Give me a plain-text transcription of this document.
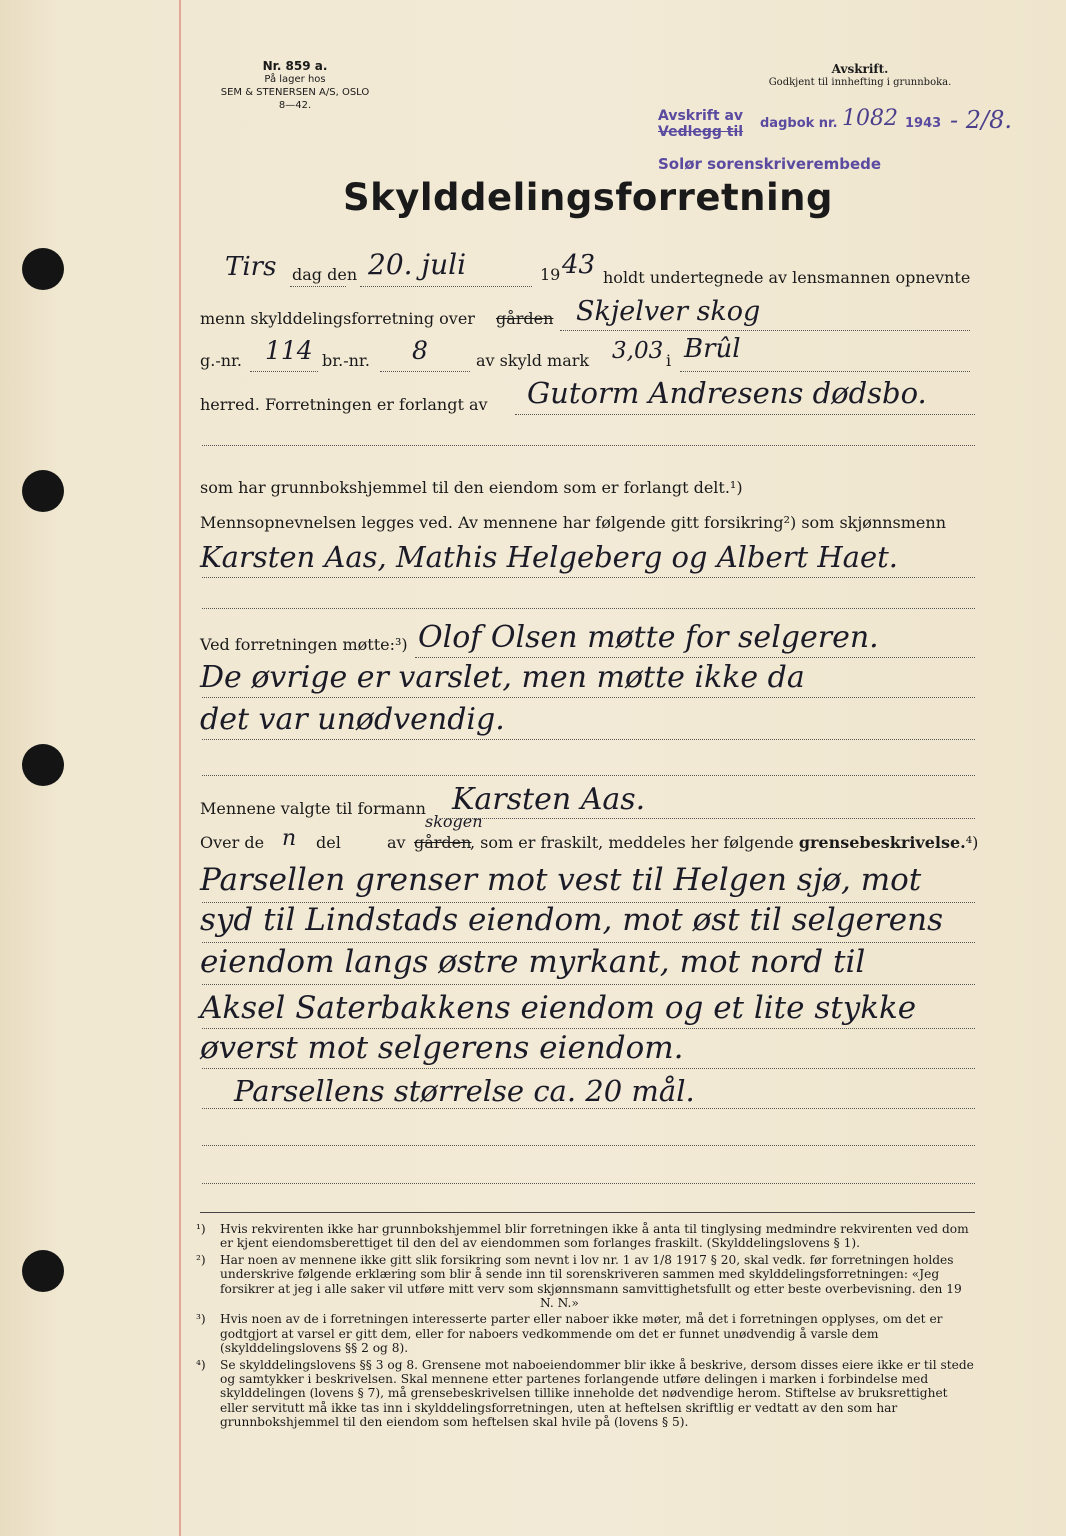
Nr. 859 a.
På lager hos
SEM & STENERSEN A/S, OSLO
8—42.
Avskrift.
Godkjent til innhefting i grunnboka.
Avskrift av
Vedlegg til
dagbok nr. 1082 1943 - 2/8.
Solør sorenskriverembede
Skylddelingsforretning
Tirs dag den 20. juli	19 43 holdt undertegnede av lensmannen opnevnte
menn skylddelingsforretning over gården Skjelver skog
g.-nr. 114 br.-nr. 8	av skyld mark 3,03 i Brûl
herred. Forretningen er forlangt av Gutorm Andresens dødsbo.
som har grunnbokshjemmel til den eiendom som er forlangt delt.¹)
Mennsopnevnelsen legges ved. Av mennene har følgende gitt forsikring²) som skjønnsmenn
Karsten Aas, Mathis Helgeberg og Albert Haet.
Ved forretningen møtte:³) Olof Olsen møtte for selgeren.
De øvrige er varslet, men møtte ikke da
det var unødvendig.
Mennene valgte til formann Karsten Aas.
Over de n del	av gården
skogen
, som er fraskilt, meddeles her følgende grensebeskrivelse.⁴)
Parsellen grenser mot vest til Helgen sjø, mot
syd til Lindstads eiendom, mot øst til selgerens
eiendom langs østre myrkant, mot nord til
Aksel Saterbakkens eiendom og et lite stykke
øverst mot selgerens eiendom.
Parsellens størrelse ca. 20 mål.
¹)	Hvis rekvirenten ikke har grunnbokshjemmel blir forretningen ikke å anta til tinglysing medmindre rekvirenten ved dom er kjent eiendomsberettiget til den del av eiendommen som forlanges fraskilt. (Skylddelingslovens § 1).
²)	Har noen av mennene ikke gitt slik forsikring som nevnt i lov nr. 1 av 1/8 1917 § 20, skal vedk. før forretningen holdes underskrive følgende erklæring som blir å sende inn til sorenskriveren sammen med skylddelingsforretningen: «Jeg forsikrer at jeg i alle saker vil utføre mitt verv som skjønnsmann samvittighetsfullt og etter beste overbevisning. den 19
N. N.»
³)	Hvis noen av de i forretningen interesserte parter eller naboer ikke møter, må det i forretningen opplyses, om det er godtgjort at varsel er gitt dem, eller for naboers vedkommende om det er funnet unødvendig å varsle dem (skylddelingslovens §§ 2 og 8).
⁴)	Se skylddelingslovens §§ 3 og 8. Grensene mot naboeiendommer blir ikke å beskrive, dersom disses eiere ikke er til stede og samtykker i beskrivelsen. Skal mennene etter partenes forlangende utføre delingen i marken i forbindelse med skylddelingen (lovens § 7), må grensebeskrivelsen tillike inneholde det nødvendige herom. Stiftelse av bruksrettighet eller servitutt må ikke tas inn i skylddelingsforretningen, uten at heftelsen skriftlig er vedtatt av den som har grunnbokshjemmel til den eiendom som heftelsen skal hvile på (lovens § 5).
